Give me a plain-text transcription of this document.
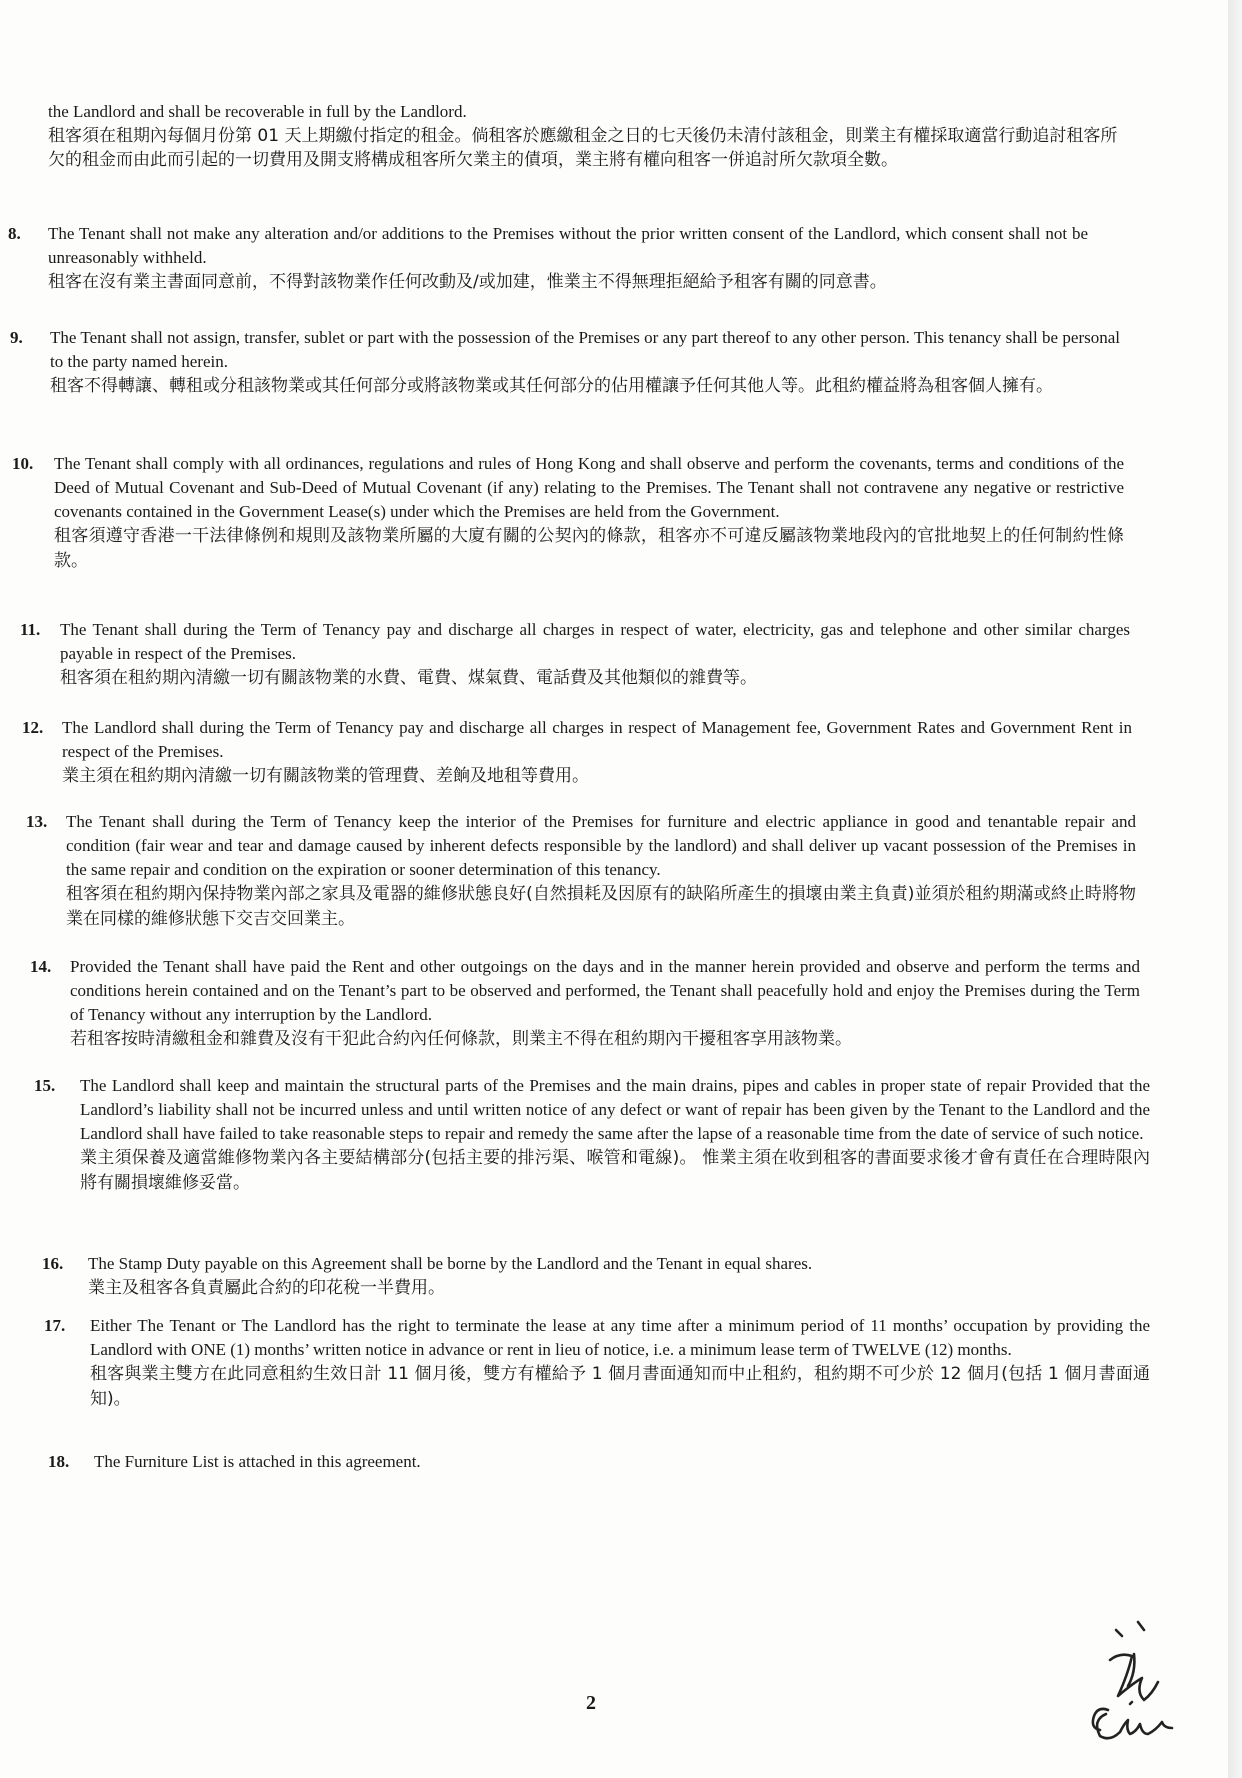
the Landlord and shall be recoverable in full by the Landlord.
租客須在租期內每個月份第 01 天上期繳付指定的租金。倘租客於應繳租金之日的七天後仍未清付該租金，則業主有權採取適當行動追討租客所欠的租金而由此而引起的一切費用及開支將構成租客所欠業主的債項，業主將有權向租客一併追討所欠款項全數。
8. The Tenant shall not make any alteration and/or additions to the Premises without the prior written consent of the Landlord, which consent shall not be unreasonably withheld.
租客在沒有業主書面同意前，不得對該物業作任何改動及/或加建，惟業主不得無理拒絕給予租客有關的同意書。
9. The Tenant shall not assign, transfer, sublet or part with the possession of the Premises or any part thereof to any other person. This tenancy shall be personal to the party named herein.
租客不得轉讓、轉租或分租該物業或其任何部分或將該物業或其任何部分的佔用權讓予任何其他人等。此租約權益將為租客個人擁有。
10. The Tenant shall comply with all ordinances, regulations and rules of Hong Kong and shall observe and perform the covenants, terms and conditions of the Deed of Mutual Covenant and Sub-Deed of Mutual Covenant (if any) relating to the Premises. The Tenant shall not contravene any negative or restrictive covenants contained in the Government Lease(s) under which the Premises are held from the Government.
租客須遵守香港一干法律條例和規則及該物業所屬的大廈有關的公契內的條款，租客亦不可違反屬該物業地段內的官批地契上的任何制約性條款。
11. The Tenant shall during the Term of Tenancy pay and discharge all charges in respect of water, electricity, gas and telephone and other similar charges payable in respect of the Premises.
租客須在租約期內清繳一切有關該物業的水費、電費、煤氣費、電話費及其他類似的雜費等。
12. The Landlord shall during the Term of Tenancy pay and discharge all charges in respect of Management fee, Government Rates and Government Rent in respect of the Premises.
業主須在租約期內清繳一切有關該物業的管理費、差餉及地租等費用。
13. The Tenant shall during the Term of Tenancy keep the interior of the Premises for furniture and electric appliance in good and tenantable repair and condition (fair wear and tear and damage caused by inherent defects responsible by the landlord) and shall deliver up vacant possession of the Premises in the same repair and condition on the expiration or sooner determination of this tenancy.
租客須在租約期內保持物業內部之家具及電器的維修狀態良好(自然損耗及因原有的缺陷所產生的損壞由業主負責)並須於租約期滿或終止時將物業在同樣的維修狀態下交吉交回業主。
14. Provided the Tenant shall have paid the Rent and other outgoings on the days and in the manner herein provided and observe and perform the terms and conditions herein contained and on the Tenant’s part to be observed and performed, the Tenant shall peacefully hold and enjoy the Premises during the Term of Tenancy without any interruption by the Landlord.
若租客按時清繳租金和雜費及沒有干犯此合約內任何條款，則業主不得在租約期內干擾租客享用該物業。
15. The Landlord shall keep and maintain the structural parts of the Premises and the main drains, pipes and cables in proper state of repair Provided that the Landlord’s liability shall not be incurred unless and until written notice of any defect or want of repair has been given by the Tenant to the Landlord and the Landlord shall have failed to take reasonable steps to repair and remedy the same after the lapse of a reasonable time from the date of service of such notice.
業主須保養及適當維修物業內各主要結構部分(包括主要的排污渠、喉管和電線)。 惟業主須在收到租客的書面要求後才會有責任在合理時限內將有關損壞維修妥當。
16. The Stamp Duty payable on this Agreement shall be borne by the Landlord and the Tenant in equal shares.
業主及租客各負責屬此合約的印花稅一半費用。
17. Either The Tenant or The Landlord has the right to terminate the lease at any time after a minimum period of 11 months’ occupation by providing the Landlord with ONE (1) months’ written notice in advance or rent in lieu of notice, i.e. a minimum lease term of TWELVE (12) months.
租客與業主雙方在此同意租約生效日計 11 個月後，雙方有權給予 1 個月書面通知而中止租約，租約期不可少於 12 個月(包括 1 個月書面通知)。
18. The Furniture List is attached in this agreement.
2
